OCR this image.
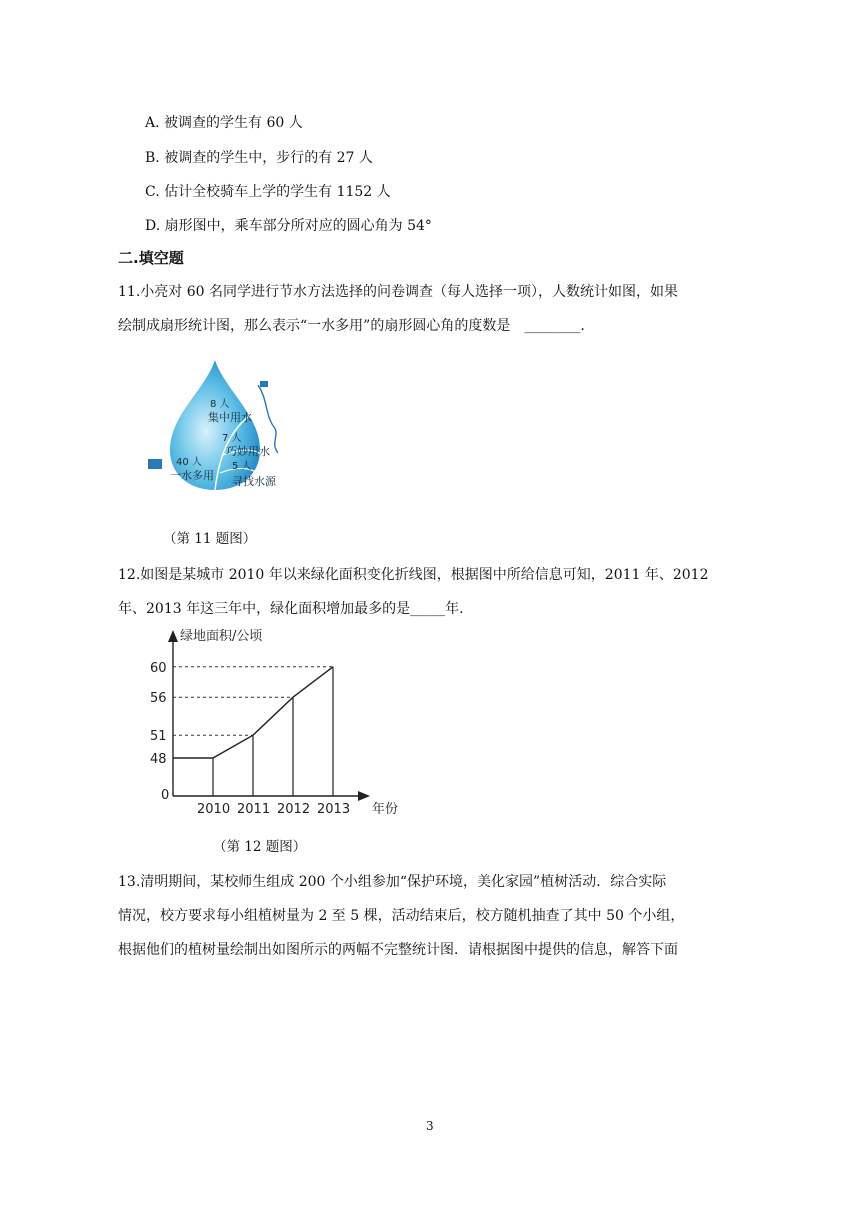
A. 被调查的学生有 60 人
B. 被调查的学生中，步行的有 27 人
C. 估计全校骑车上学的学生有 1152 人
D. 扇形图中，乘车部分所对应的圆心角为 54°
二.填空题
11.小亮对 60 名同学进行节水方法选择的问卷调查（每人选择一项），人数统计如图，如果
绘制成扇形统计图，那么表示“一水多用”的扇形圆心角的度数是　________.
8 人
集中用水
7 人
巧妙用水
5 人
寻找水源
40 人
一水多用
（第 11 题图）
12.如图是某城市 2010 年以来绿化面积变化折线图，根据图中所给信息可知，2011 年、2012
年、2013 年这三年中，绿化面积增加最多的是_____年.
绿地面积/公顷
年份
0
48
51
56
60
2010 2011 2012 2013
（第 12 题图）
13.清明期间，某校师生组成 200 个小组参加“保护环境，美化家园”植树活动．综合实际
情况，校方要求每小组植树量为 2 至 5 棵，活动结束后，校方随机抽查了其中 50 个小组，
根据他们的植树量绘制出如图所示的两幅不完整统计图．请根据图中提供的信息，解答下面
3
